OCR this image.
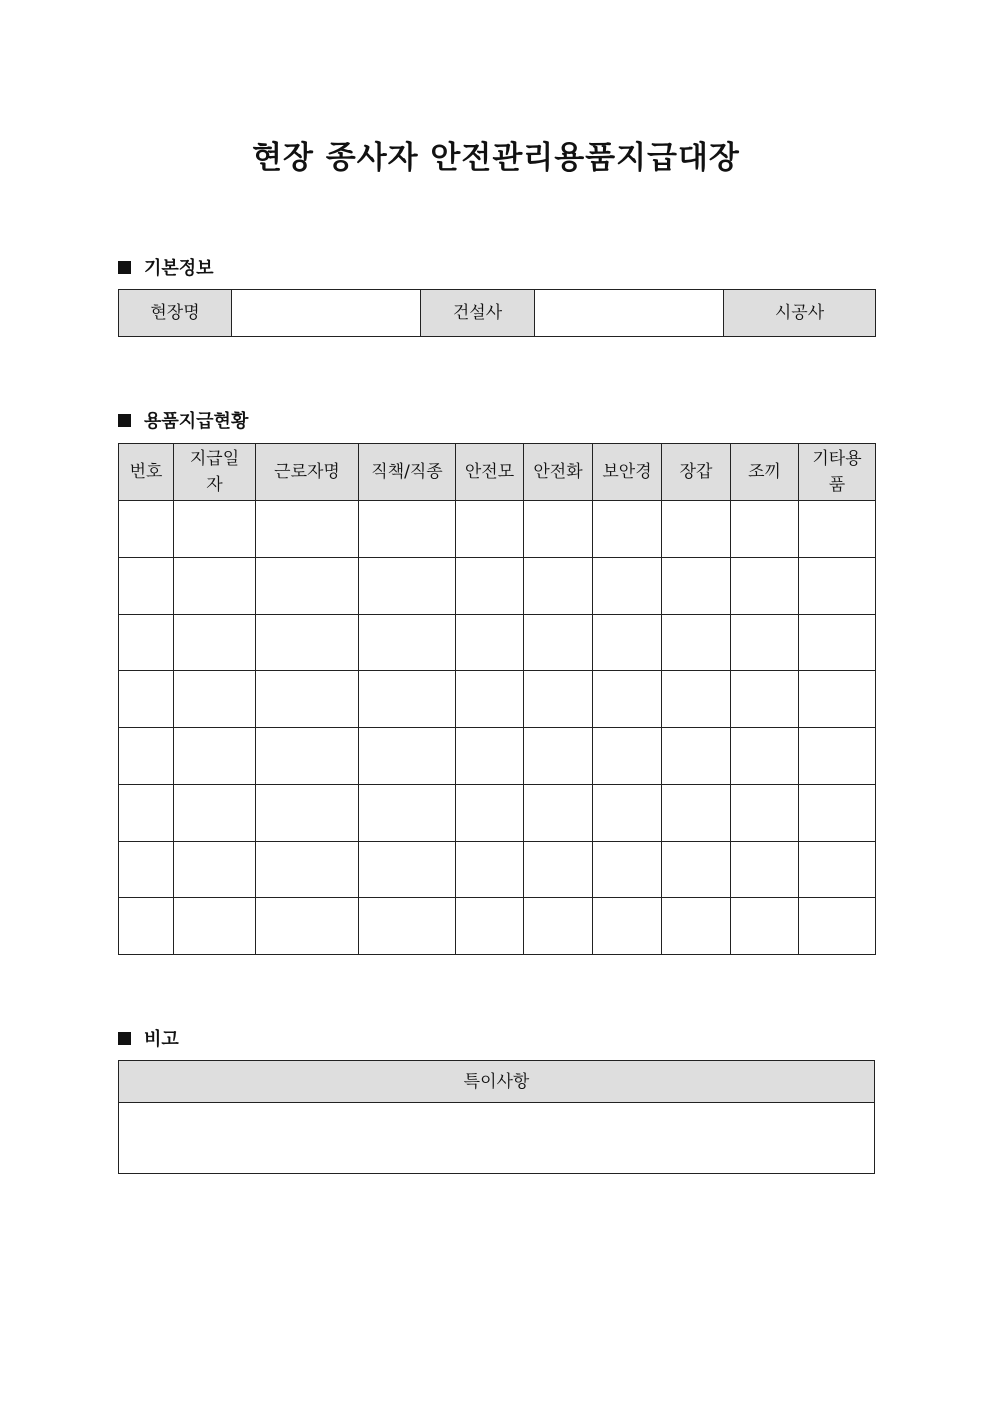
현장 종사자 안전관리용품지급대장
기본정보
현장명		건설사		시공사
용품지급현황
번호	지급일자	근로자명	직책/직종	안전모	안전화	보안경	장갑	조끼	기타용품

비고
특이사항
